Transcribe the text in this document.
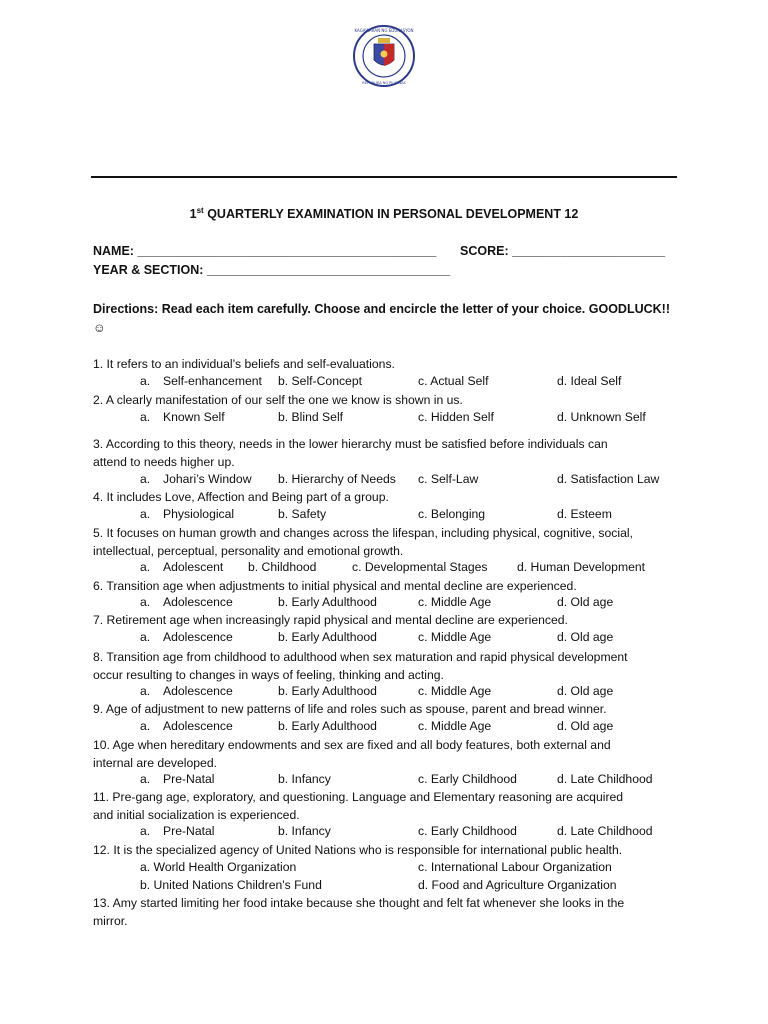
KAGAWARAN NG EDUKASYON
REPUBLIKA NG PILIPINAS
1st QUARTERLY EXAMINATION IN PERSONAL DEVELOPMENT 12
NAME: ___________________________________________ SCORE: ______________________
YEAR & SECTION: ___________________________________
Directions: Read each item carefully. Choose and encircle the letter of your choice. GOODLUCK!! ☺
1. It refers to an individual’s beliefs and self-evaluations.
a. Self-enhancement b. Self-Concept	c. Actual Self	d. Ideal Self
2. A clearly manifestation of our self the one we know is shown in us.
a. Known Self	b. Blind Self	c. Hidden Self	d. Unknown Self
3. According to this theory, needs in the lower hierarchy must be satisfied before individuals can
attend to needs higher up.
a. Johari’s Window b. Hierarchy of Needs c. Self-Law	d. Satisfaction Law
4. It includes Love, Affection and Being part of a group.
a. Physiological	b. Safety	c. Belonging	d. Esteem
5. It focuses on human growth and changes across the lifespan, including physical, cognitive, social,
intellectual, perceptual, personality and emotional growth.
a. Adolescent b. Childhood	c. Developmental Stages d. Human Development
6. Transition age when adjustments to initial physical and mental decline are experienced.
a. Adolescence	b. Early Adulthood	c. Middle Age	d. Old age
7. Retirement age when increasingly rapid physical and mental decline are experienced.
a. Adolescence	b. Early Adulthood	c. Middle Age	d. Old age
8. Transition age from childhood to adulthood when sex maturation and rapid physical development
occur resulting to changes in ways of feeling, thinking and acting.
a. Adolescence	b. Early Adulthood	c. Middle Age	d. Old age
9. Age of adjustment to new patterns of life and roles such as spouse, parent and bread winner.
a. Adolescence	b. Early Adulthood	c. Middle Age	d. Old age
10. Age when hereditary endowments and sex are fixed and all body features, both external and
internal are developed.
a. Pre-Natal	b. Infancy	c. Early Childhood	d. Late Childhood
11. Pre-gang age, exploratory, and questioning. Language and Elementary reasoning are acquired
and initial socialization is experienced.
a. Pre-Natal	b. Infancy	c. Early Childhood	d. Late Childhood
12. It is the specialized agency of United Nations who is responsible for international public health.
a. World Health Organization	c. International Labour Organization
b. United Nations Children's Fund	d. Food and Agriculture Organization
13. Amy started limiting her food intake because she thought and felt fat whenever she looks in the
mirror.
